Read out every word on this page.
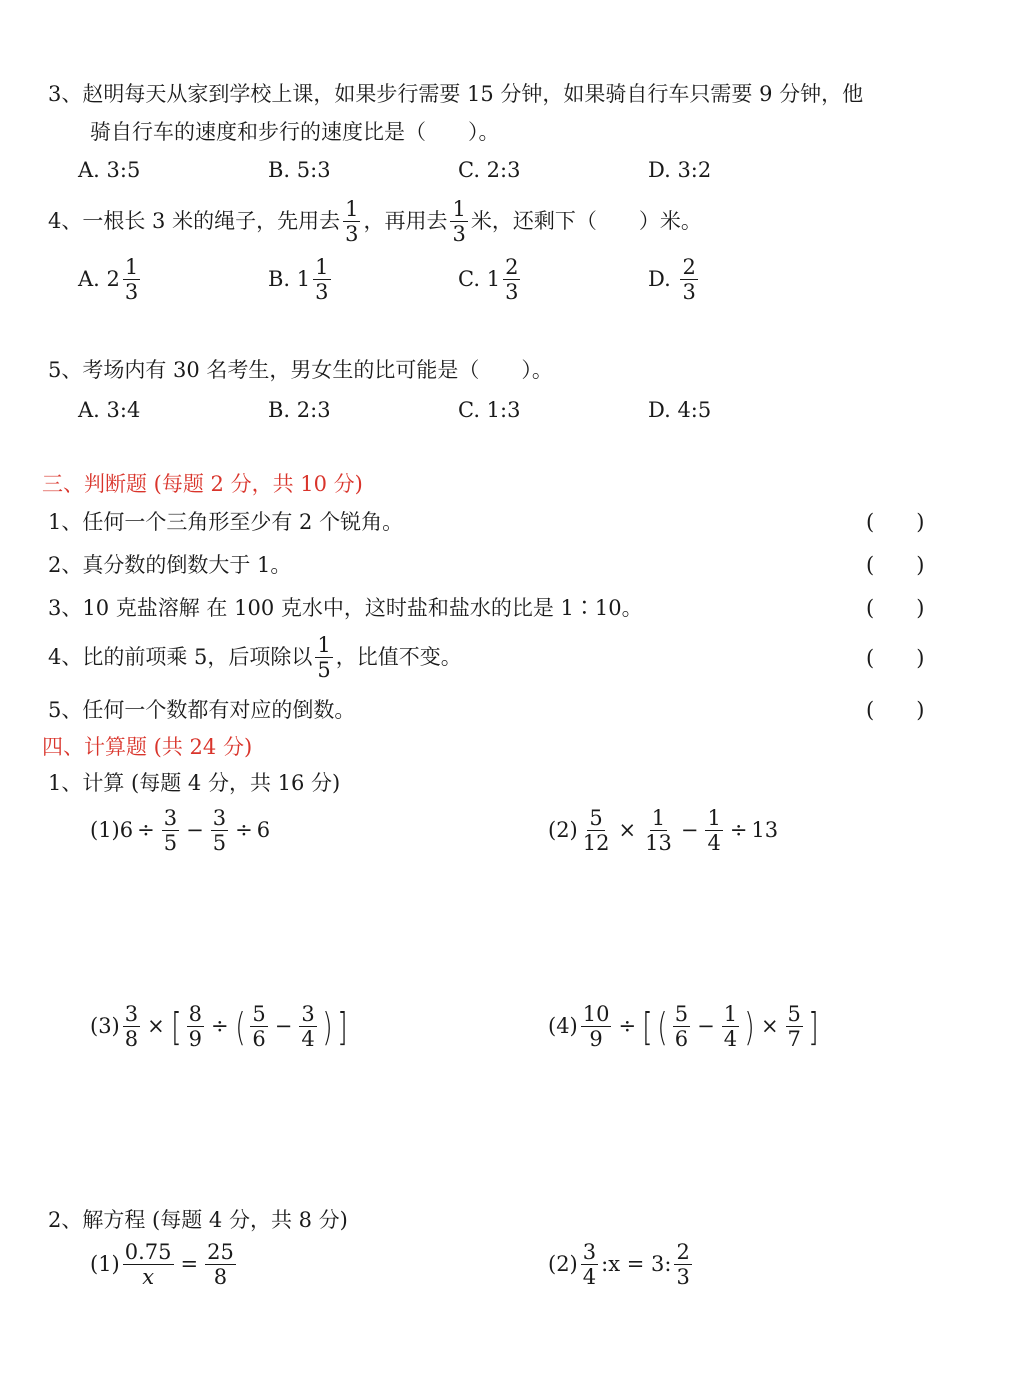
3、赵明每天从家到学校上课，如果步行需要 15 分钟，如果骑自行车只需要 9 分钟，他
骑自行车的速度和步行的速度比是（　　）。
A. 3:5	B. 5:3	C. 2:3	D. 3:2
4、一根长 3 米的绳子，先用去 $\frac{1}{3}$ ，再用去 $\frac{1}{3}$ 米，还剩下（　　）米。
A.
$2 \frac{1}{3}$	B.
$1 \frac{1}{3}$	C.
$1 \frac{2}{3}$	D.
$\frac{2}{3}$
5、考场内有 30 名考生，男女生的比可能是（　　）。
A. 3:4	B. 2:3	C. 1:3	D. 4:5
三、判断题 (每题 2 分，共 10 分)
1、任何一个三角形至少有 2 个锐角。	(　　)
2、真分数的倒数大于 1。	(　　)
3、10 克盐溶解 在 100 克水中，这时盐和盐水的比是 1∶10。	(　　)
4、比的前项乘 5，后项除以 $\frac{1}{5}$ ，比值不变。	(　　)
5、任何一个数都有对应的倒数。	(　　)
四、计算题 (共 24 分)
1、计算 (每题 4 分，共 16 分)
$(1)6 \div \frac{3}{5} - \frac{3}{5} \div 6$	$(2) \frac{5}{12} \times \frac{1}{13} - \frac{1}{4} \div 13$
$(3) \frac{3}{8}$ × [ $\frac{8}{9}$ ÷ ( $\frac{5}{6} - \frac{3}{4}$ ) ]	$(4) \frac{10}{9}$ ÷ [ ( $\frac{5}{6} - \frac{1}{4}$ ) × $\frac{5}{7}$ ]
2、解方程 (每题 4 分，共 8 分)
$(1) \frac{0.75}{x} = \frac{25}{8}$	$(2) \frac{3}{4}$ :x = 3: $\frac{2}{3}$
